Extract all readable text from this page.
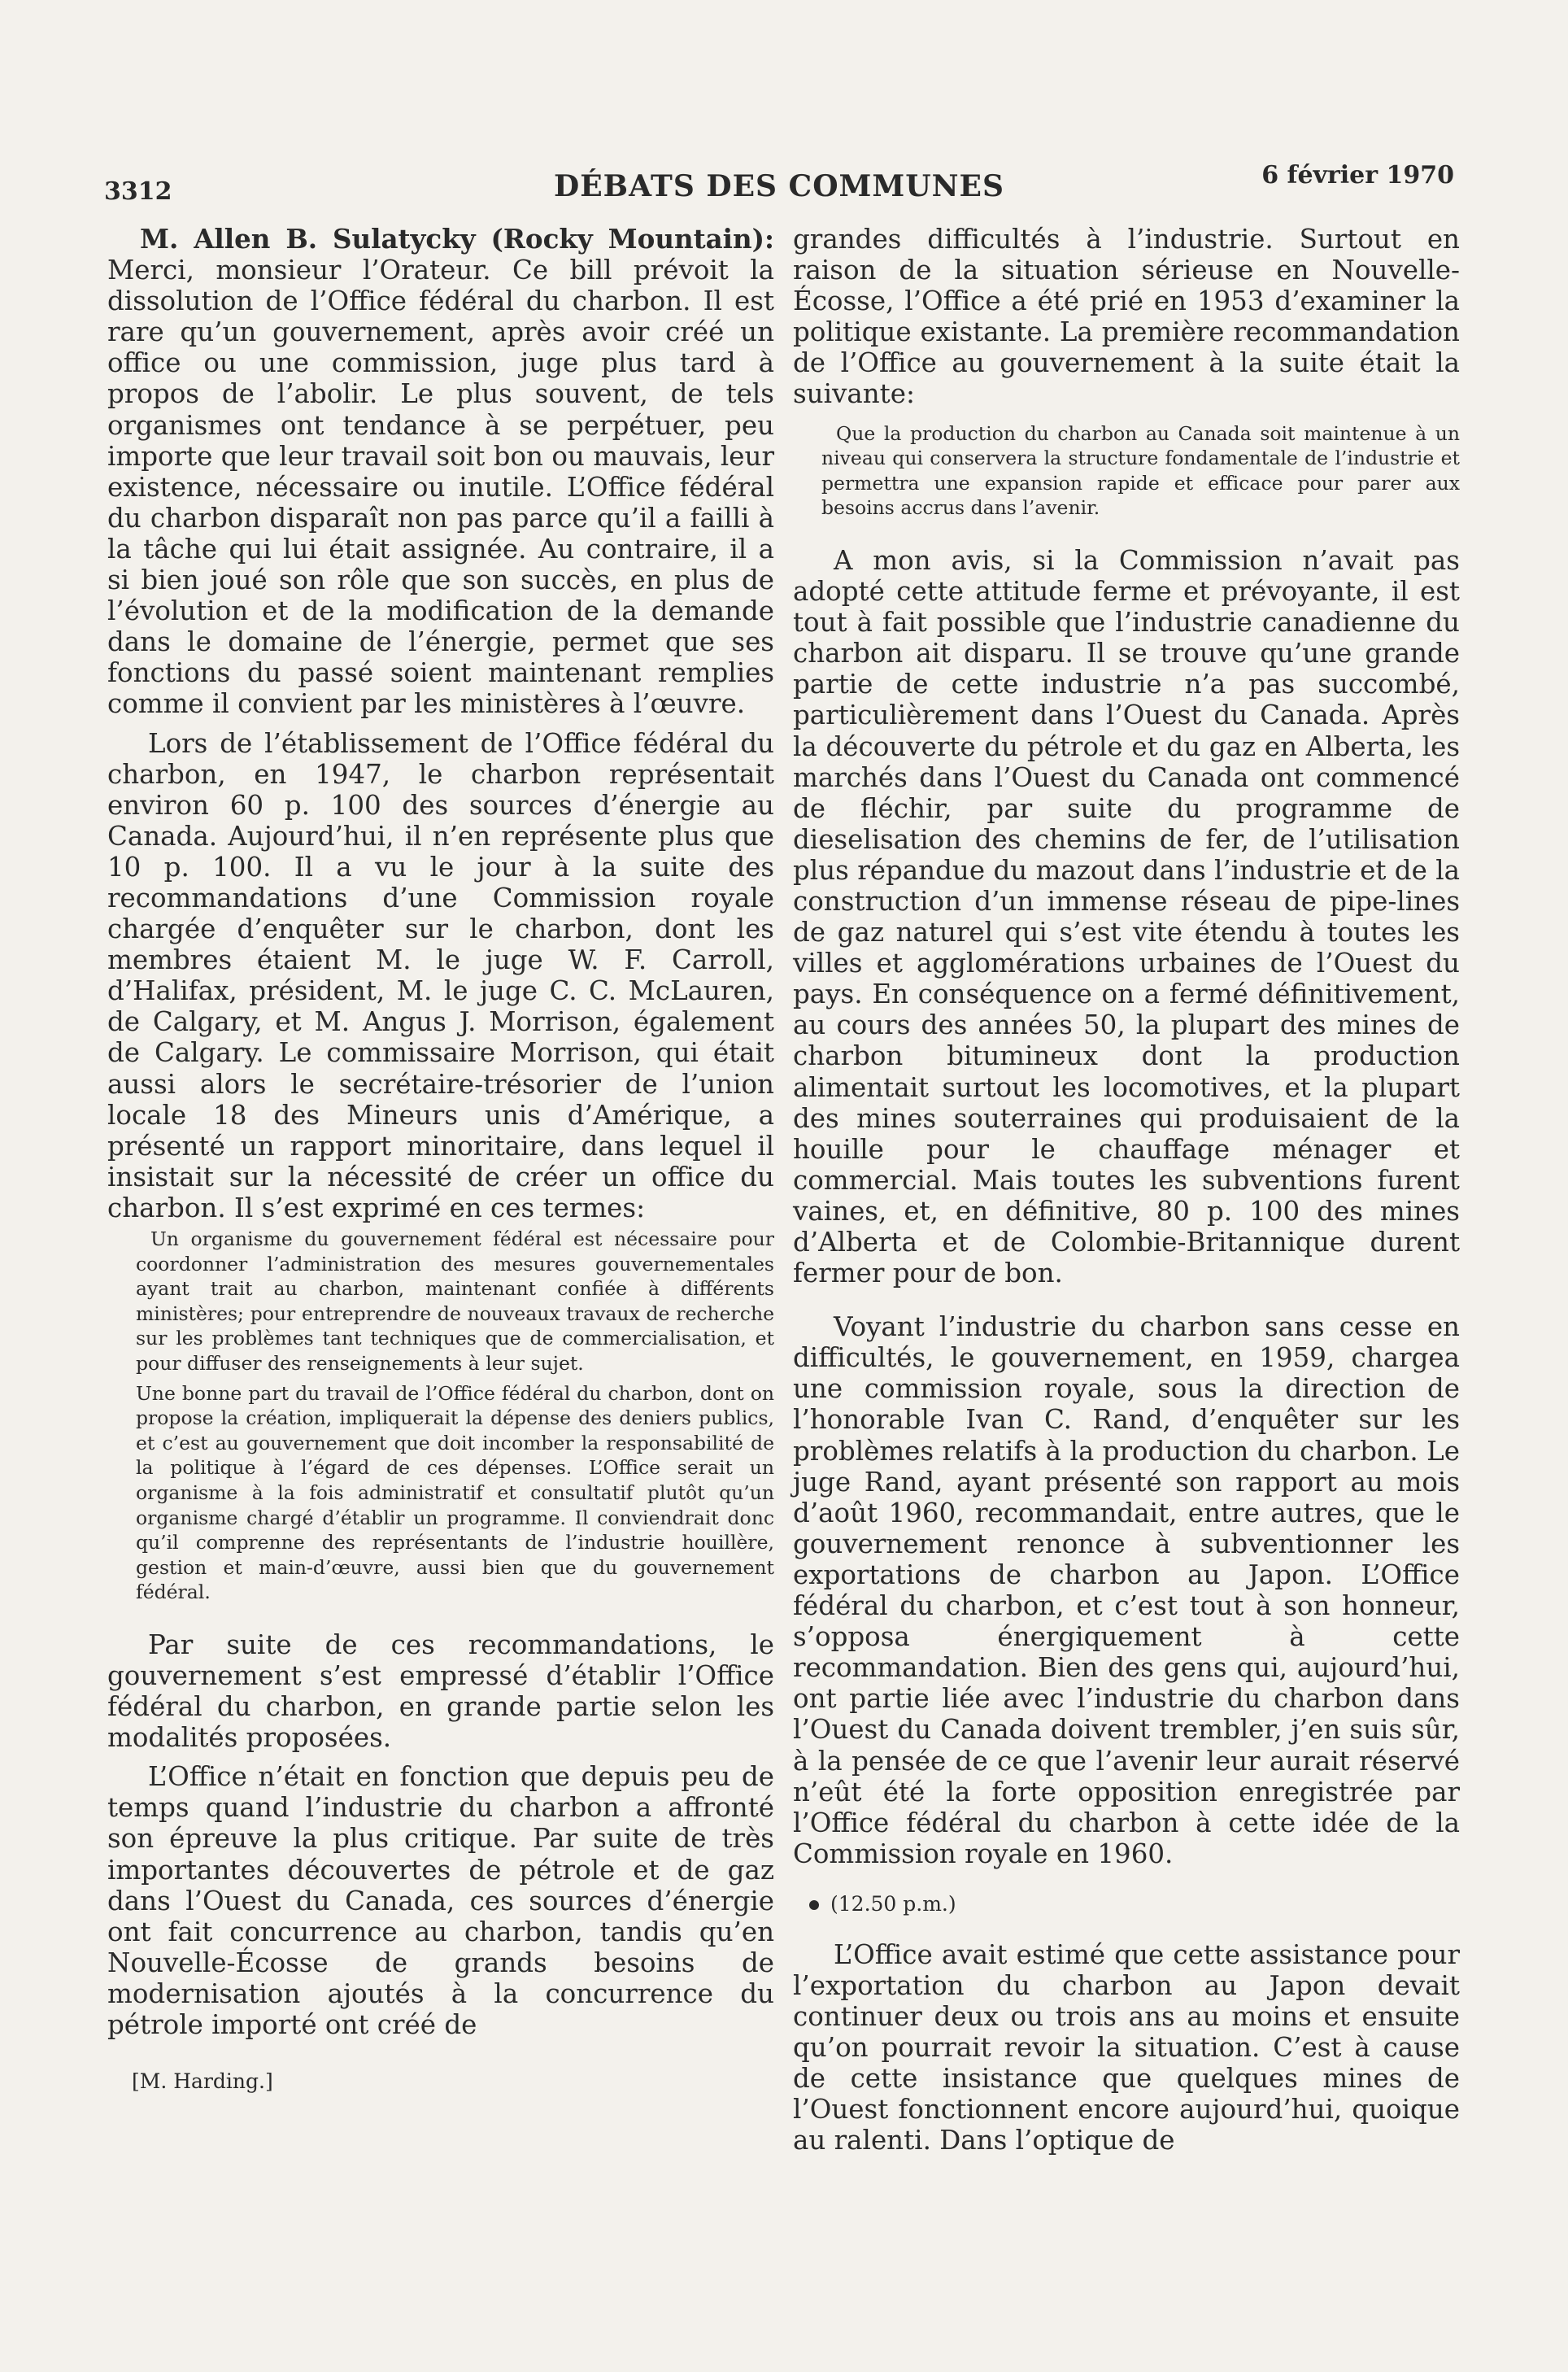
3312	DÉBATS DES COMMUNES	6 février 1970

M. Allen B. Sulatycky (Rocky Mountain): Merci, monsieur l’Orateur. Ce bill prévoit la dissolution de l’Office fédéral du charbon. Il est rare qu’un gouvernement, après avoir créé un office ou une commission, juge plus tard à propos de l’abolir. Le plus souvent, de tels organismes ont tendance à se perpétuer, peu importe que leur travail soit bon ou mauvais, leur existence, nécessaire ou inutile. L’Office fédéral du charbon disparaît non pas parce qu’il a failli à la tâche qui lui était assignée. Au contraire, il a si bien joué son rôle que son succès, en plus de l’évolution et de la modification de la demande dans le domaine de l’énergie, permet que ses fonctions du passé soient maintenant remplies comme il convient par les ministères à l’œuvre.

Lors de l’établissement de l’Office fédéral du charbon, en 1947, le charbon représentait environ 60 p. 100 des sources d’énergie au Canada. Aujourd’hui, il n’en représente plus que 10 p. 100. Il a vu le jour à la suite des recommandations d’une Commission royale chargée d’enquêter sur le charbon, dont les membres étaient M. le juge W. F. Carroll, d’Halifax, président, M. le juge C. C. McLauren, de Calgary, et M. Angus J. Morrison, également de Calgary. Le commissaire Morrison, qui était aussi alors le secrétaire-trésorier de l’union locale 18 des Mineurs unis d’Amérique, a présenté un rapport minoritaire, dans lequel il insistait sur la nécessité de créer un office du charbon. Il s’est exprimé en ces termes:

Un organisme du gouvernement fédéral est nécessaire pour coordonner l’administration des mesures gouvernementales ayant trait au charbon, maintenant confiée à différents ministères; pour entreprendre de nouveaux travaux de recherche sur les problèmes tant techniques que de commercialisation, et pour diffuser des renseignements à leur sujet.

Une bonne part du travail de l’Office fédéral du charbon, dont on propose la création, impliquerait la dépense des deniers publics, et c’est au gouvernement que doit incomber la responsabilité de la politique à l’égard de ces dépenses. L’Office serait un organisme à la fois administratif et consultatif plutôt qu’un organisme chargé d’établir un programme. Il conviendrait donc qu’il comprenne des représentants de l’industrie houillère, gestion et main-d’œuvre, aussi bien que du gouvernement fédéral.

Par suite de ces recommandations, le gouvernement s’est empressé d’établir l’Office fédéral du charbon, en grande partie selon les modalités proposées.

L’Office n’était en fonction que depuis peu de temps quand l’industrie du charbon a affronté son épreuve la plus critique. Par suite de très importantes découvertes de pétrole et de gaz dans l’Ouest du Canada, ces sources d’énergie ont fait concurrence au charbon, tandis qu’en Nouvelle-Écosse de grands besoins de modernisation ajoutés à la concurrence du pétrole importé ont créé de

[M. Harding.]

grandes difficultés à l’industrie. Surtout en raison de la situation sérieuse en Nouvelle-Écosse, l’Office a été prié en 1953 d’examiner la politique existante. La première recommandation de l’Office au gouvernement à la suite était la suivante:

Que la production du charbon au Canada soit maintenue à un niveau qui conservera la structure fondamentale de l’industrie et permettra une expansion rapide et efficace pour parer aux besoins accrus dans l’avenir.

A mon avis, si la Commission n’avait pas adopté cette attitude ferme et prévoyante, il est tout à fait possible que l’industrie canadienne du charbon ait disparu. Il se trouve qu’une grande partie de cette industrie n’a pas succombé, particulièrement dans l’Ouest du Canada. Après la découverte du pétrole et du gaz en Alberta, les marchés dans l’Ouest du Canada ont commencé de fléchir, par suite du programme de dieselisation des chemins de fer, de l’utilisation plus répandue du mazout dans l’industrie et de la construction d’un immense réseau de pipe-lines de gaz naturel qui s’est vite étendu à toutes les villes et agglomérations urbaines de l’Ouest du pays. En conséquence on a fermé définitivement, au cours des années 50, la plupart des mines de charbon bitumineux dont la production alimentait surtout les locomotives, et la plupart des mines souterraines qui produisaient de la houille pour le chauffage ménager et commercial. Mais toutes les subventions furent vaines, et, en définitive, 80 p. 100 des mines d’Alberta et de Colombie-Britannique durent fermer pour de bon.

Voyant l’industrie du charbon sans cesse en difficultés, le gouvernement, en 1959, chargea une commission royale, sous la direction de l’honorable Ivan C. Rand, d’enquêter sur les problèmes relatifs à la production du charbon. Le juge Rand, ayant présenté son rapport au mois d’août 1960, recommandait, entre autres, que le gouvernement renonce à subventionner les exportations de charbon au Japon. L’Office fédéral du charbon, et c’est tout à son honneur, s’opposa énergiquement à cette recommandation. Bien des gens qui, aujourd’hui, ont partie liée avec l’industrie du charbon dans l’Ouest du Canada doivent trembler, j’en suis sûr, à la pensée de ce que l’avenir leur aurait réservé n’eût été la forte opposition enregistrée par l’Office fédéral du charbon à cette idée de la Commission royale en 1960.

(12.50 p.m.)

L’Office avait estimé que cette assistance pour l’exportation du charbon au Japon devait continuer deux ou trois ans au moins et ensuite qu’on pourrait revoir la situation. C’est à cause de cette insistance que quelques mines de l’Ouest fonctionnent encore aujourd’hui, quoique au ralenti. Dans l’optique de
